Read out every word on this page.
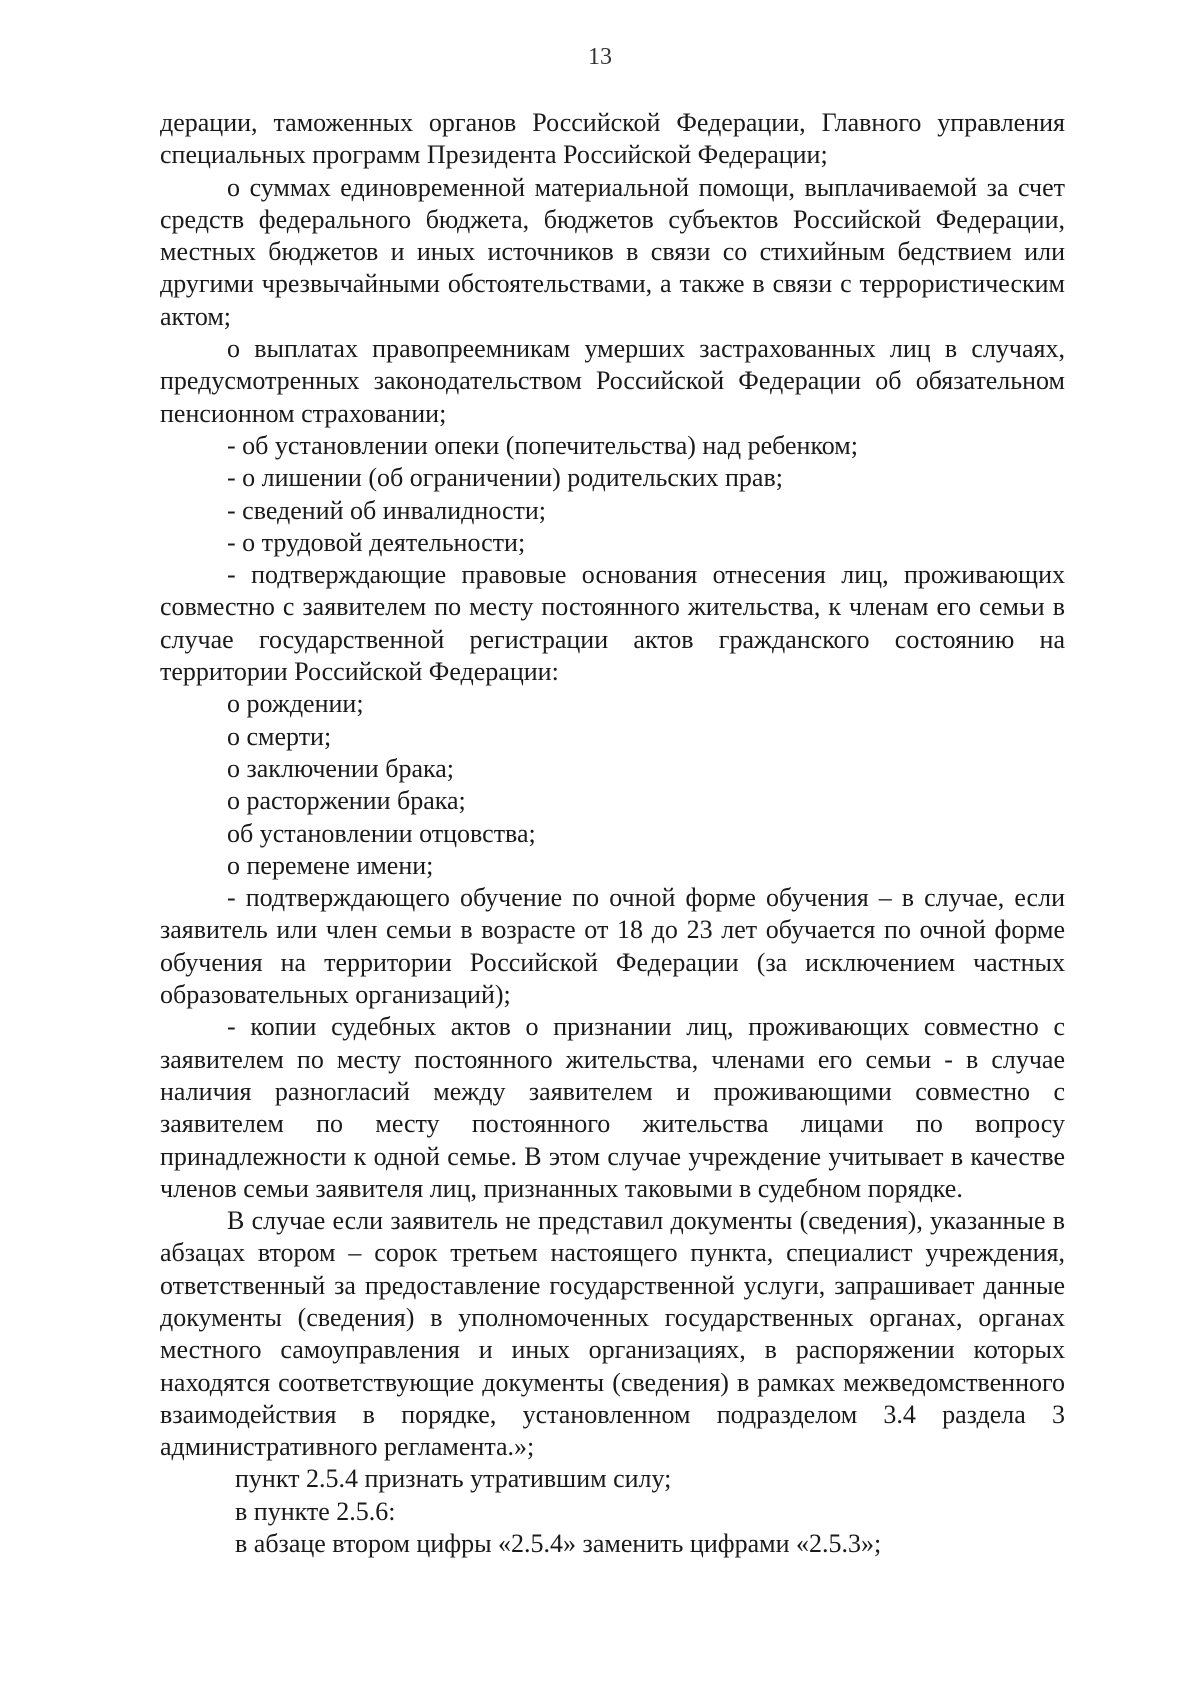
13

дерации, таможенных органов Российской Федерации, Главного управления специальных программ Президента Российской Федерации;

о суммах единовременной материальной помощи, выплачиваемой за счет средств федерального бюджета, бюджетов субъектов Российской Федерации, местных бюджетов и иных источников в связи со стихийным бедствием или другими чрезвычайными обстоятельствами, а также в связи с террористическим актом;

о выплатах правопреемникам умерших застрахованных лиц в случаях, предусмотренных законодательством Российской Федерации об обязательном пенсионном страховании;

- об установлении опеки (попечительства) над ребенком;

- о лишении (об ограничении) родительских прав;

- сведений об инвалидности;

- о трудовой деятельности;

- подтверждающие правовые основания отнесения лиц, проживающих совместно с заявителем по месту постоянного жительства, к членам его семьи в случае государственной регистрации актов гражданского состоянию на территории Российской Федерации:

о рождении;

о смерти;

о заключении брака;

о расторжении брака;

об установлении отцовства;

о перемене имени;

- подтверждающего обучение по очной форме обучения – в случае, если заявитель или член семьи в возрасте от 18 до 23 лет обучается по очной форме обучения на территории Российской Федерации (за исключением частных образовательных организаций);

- копии судебных актов о признании лиц, проживающих совместно с заявителем по месту постоянного жительства, членами его семьи - в случае наличия разногласий между заявителем и проживающими совместно с заявителем по месту постоянного жительства лицами по вопросу принадлежности к одной семье. В этом случае учреждение учитывает в качестве членов семьи заявителя лиц, признанных таковыми в судебном порядке.

В случае если заявитель не представил документы (сведения), указанные в абзацах втором – сорок третьем настоящего пункта, специалист учреждения, ответственный за предоставление государственной услуги, запрашивает данные документы (сведения) в уполномоченных государственных органах, органах местного самоуправления и иных организациях, в распоряжении которых находятся соответствующие документы (сведения) в рамках межведомственного взаимодействия в порядке, установленном подразделом 3.4 раздела 3 административного регламента.»;

пункт 2.5.4 признать утратившим силу;

в пункте 2.5.6:

в абзаце втором цифры «2.5.4» заменить цифрами «2.5.3»;
